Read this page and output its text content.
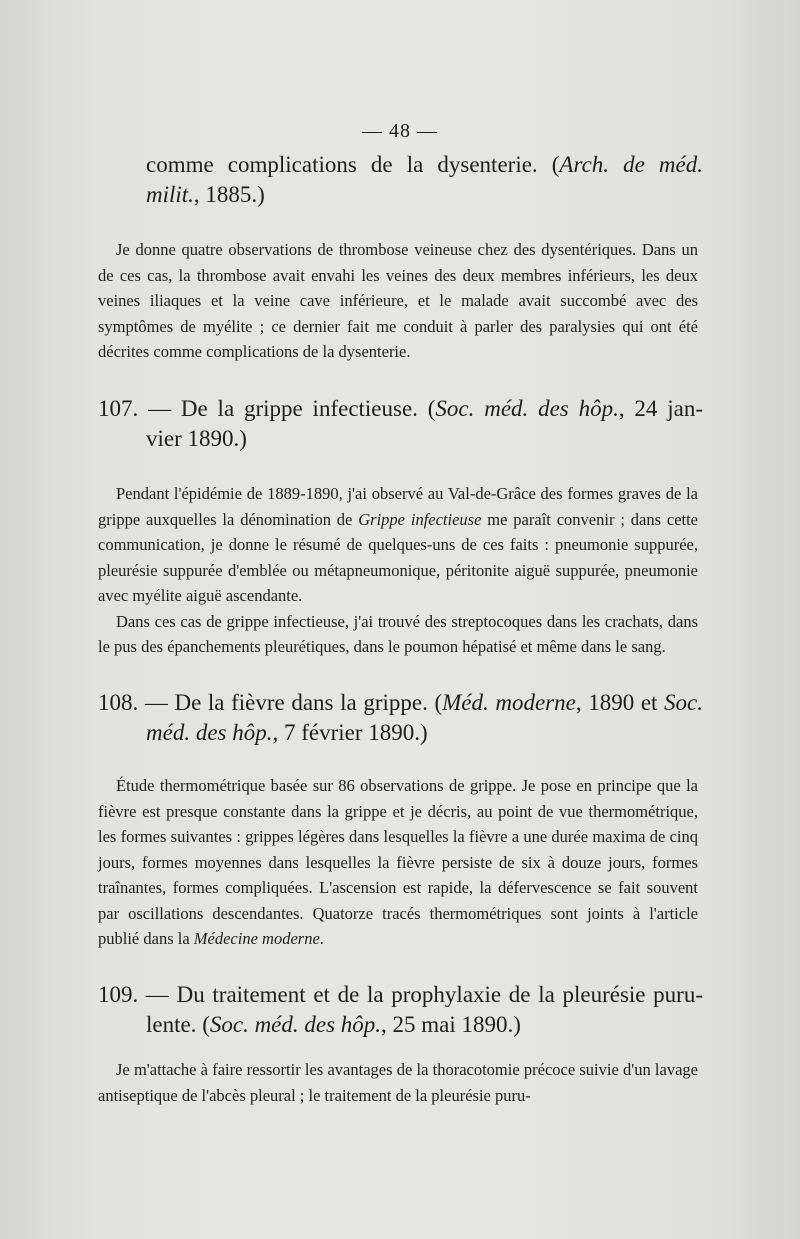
— 48 —
comme complications de la dysenterie. (Arch. de méd.
milit., 1885.)

Je donne quatre observations de thrombose veineuse chez des dysentériques. Dans un de ces cas, la thrombose avait envahi les veines des deux membres inférieurs, les deux veines iliaques et la veine cave inférieure, et le malade avait succombé avec des symptômes de myélite ; ce dernier fait me conduit à parler des paralysies qui ont été décrites comme complications de la dysenterie.

107. — De la grippe infectieuse. (Soc. méd. des hôp., 24 jan-
vier 1890.)

Pendant l'épidémie de 1889-1890, j'ai observé au Val-de-Grâce des formes graves de la grippe auxquelles la dénomination de Grippe infectieuse me paraît convenir ; dans cette communication, je donne le résumé de quelques-uns de ces faits : pneumonie suppurée, pleurésie suppurée d'emblée ou métapneumonique, péritonite aiguë suppurée, pneumonie avec myélite aiguë ascendante.

Dans ces cas de grippe infectieuse, j'ai trouvé des streptocoques dans les crachats, dans le pus des épanchements pleurétiques, dans le poumon hépatisé et même dans le sang.

108. — De la fièvre dans la grippe. (Méd. moderne, 1890 et Soc.
méd. des hôp., 7 février 1890.)

Étude thermométrique basée sur 86 observations de grippe. Je pose en principe que la fièvre est presque constante dans la grippe et je décris, au point de vue thermométrique, les formes suivantes : grippes légères dans lesquelles la fièvre a une durée maxima de cinq jours, formes moyennes dans lesquelles la fièvre persiste de six à douze jours, formes traînantes, formes compliquées. L'ascension est rapide, la défervescence se fait souvent par oscillations descendantes. Quatorze tracés thermométriques sont joints à l'article publié dans la Médecine moderne.

109. — Du traitement et de la prophylaxie de la pleurésie puru-
lente. (Soc. méd. des hôp., 25 mai 1890.)

Je m'attache à faire ressortir les avantages de la thoracotomie précoce suivie d'un lavage antiseptique de l'abcès pleural ; le traitement de la pleurésie puru-
